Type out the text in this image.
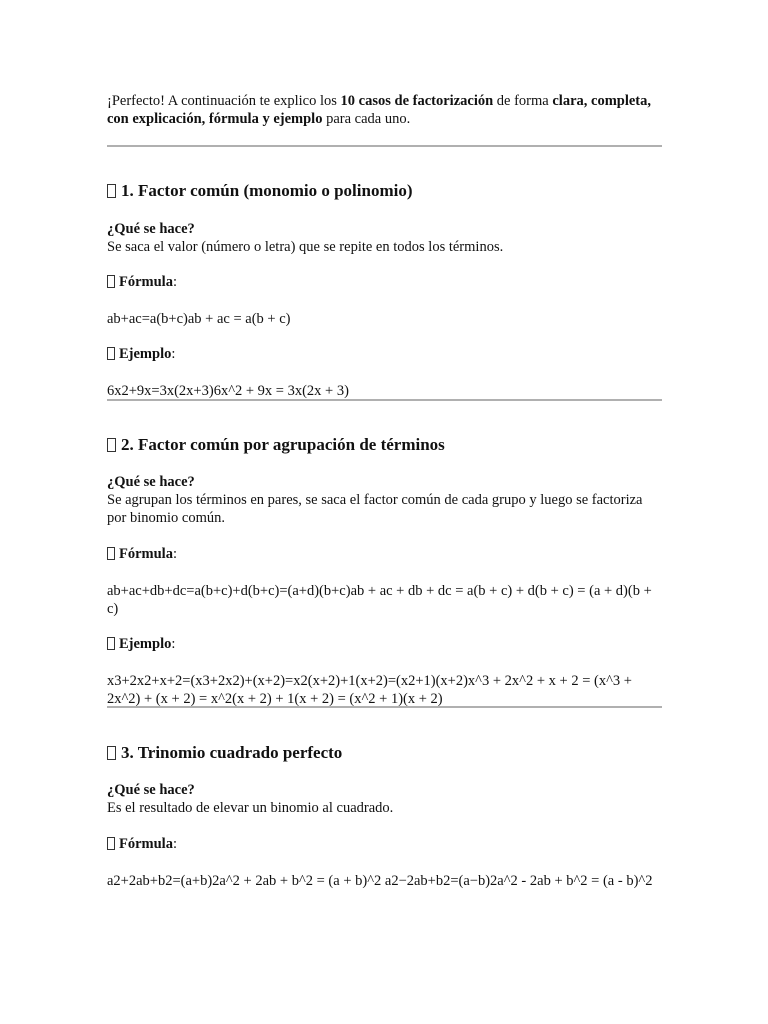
¡Perfecto! A continuación te explico los 10 casos de factorización de forma clara, completa, con explicación, fórmula y ejemplo para cada uno.
1. Factor común (monomio o polinomio)
¿Qué se hace?
Se saca el valor (número o letra) que se repite en todos los términos.
Fórmula:
ab+ac=a(b+c)ab + ac = a(b + c)
Ejemplo:
6x2+9x=3x(2x+3)6x^2 + 9x = 3x(2x + 3)
2. Factor común por agrupación de términos
¿Qué se hace?
Se agrupan los términos en pares, se saca el factor común de cada grupo y luego se factoriza por binomio común.
Fórmula:
ab+ac+db+dc=a(b+c)+d(b+c)=(a+d)(b+c)ab + ac + db + dc = a(b + c) + d(b + c) = (a + d)(b + c)
Ejemplo:
x3+2x2+x+2=(x3+2x2)+(x+2)=x2(x+2)+1(x+2)=(x2+1)(x+2)x^3 + 2x^2 + x + 2 = (x^3 + 2x^2) + (x + 2) = x^2(x + 2) + 1(x + 2) = (x^2 + 1)(x + 2)
3. Trinomio cuadrado perfecto
¿Qué se hace?
Es el resultado de elevar un binomio al cuadrado.
Fórmula:
a2+2ab+b2=(a+b)2a^2 + 2ab + b^2 = (a + b)^2 a2−2ab+b2=(a−b)2a^2 - 2ab + b^2 = (a - b)^2
